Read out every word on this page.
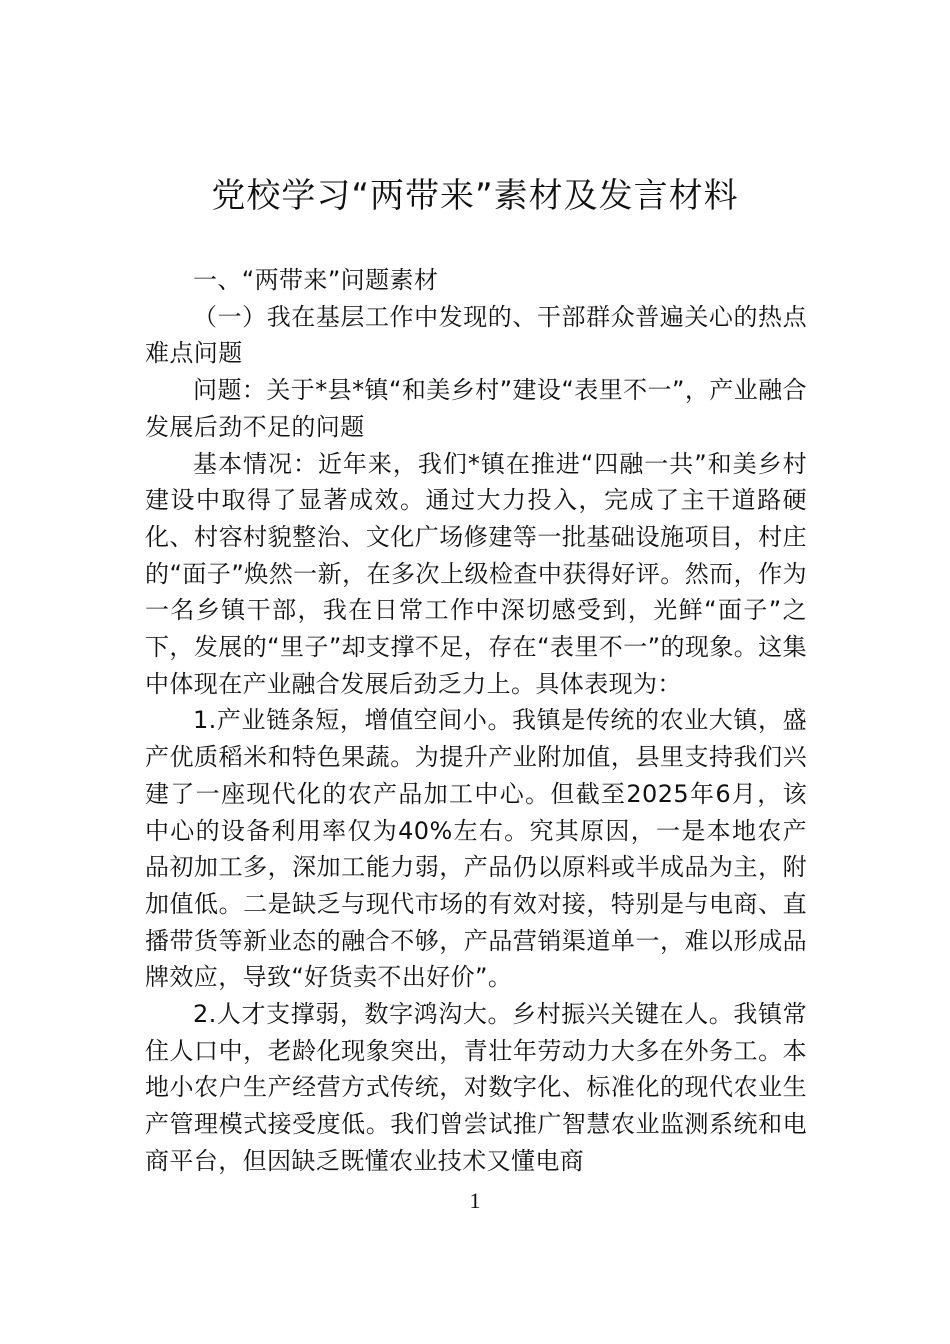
党校学习“两带来”素材及发言材料

一、“两带来”问题素材

（一）我在基层工作中发现的、干部群众普遍关心的热点难点问题

问题：关于*县*镇“和美乡村”建设“表里不一”，产业融合发展后劲不足的问题

基本情况：近年来，我们*镇在推进“四融一共”和美乡村建设中取得了显著成效。通过大力投入，完成了主干道路硬化、村容村貌整治、文化广场修建等一批基础设施项目，村庄的“面子”焕然一新，在多次上级检查中获得好评。然而，作为一名乡镇干部，我在日常工作中深切感受到，光鲜“面子”之下，发展的“里子”却支撑不足，存在“表里不一”的现象。这集中体现在产业融合发展后劲乏力上。具体表现为：

1.产业链条短，增值空间小。我镇是传统的农业大镇，盛产优质稻米和特色果蔬。为提升产业附加值，县里支持我们兴建了一座现代化的农产品加工中心。但截至2025年6月，该中心的设备利用率仅为40%左右。究其原因，一是本地农产品初加工多，深加工能力弱，产品仍以原料或半成品为主，附加值低。二是缺乏与现代市场的有效对接，特别是与电商、直播带货等新业态的融合不够，产品营销渠道单一，难以形成品牌效应，导致“好货卖不出好价”。

2.人才支撑弱，数字鸿沟大。乡村振兴关键在人。我镇常住人口中，老龄化现象突出，青壮年劳动力大多在外务工。本地小农户生产经营方式传统，对数字化、标准化的现代农业生产管理模式接受度低。我们曾尝试推广智慧农业监测系统和电商平台，但因缺乏既懂农业技术又懂电商

1
